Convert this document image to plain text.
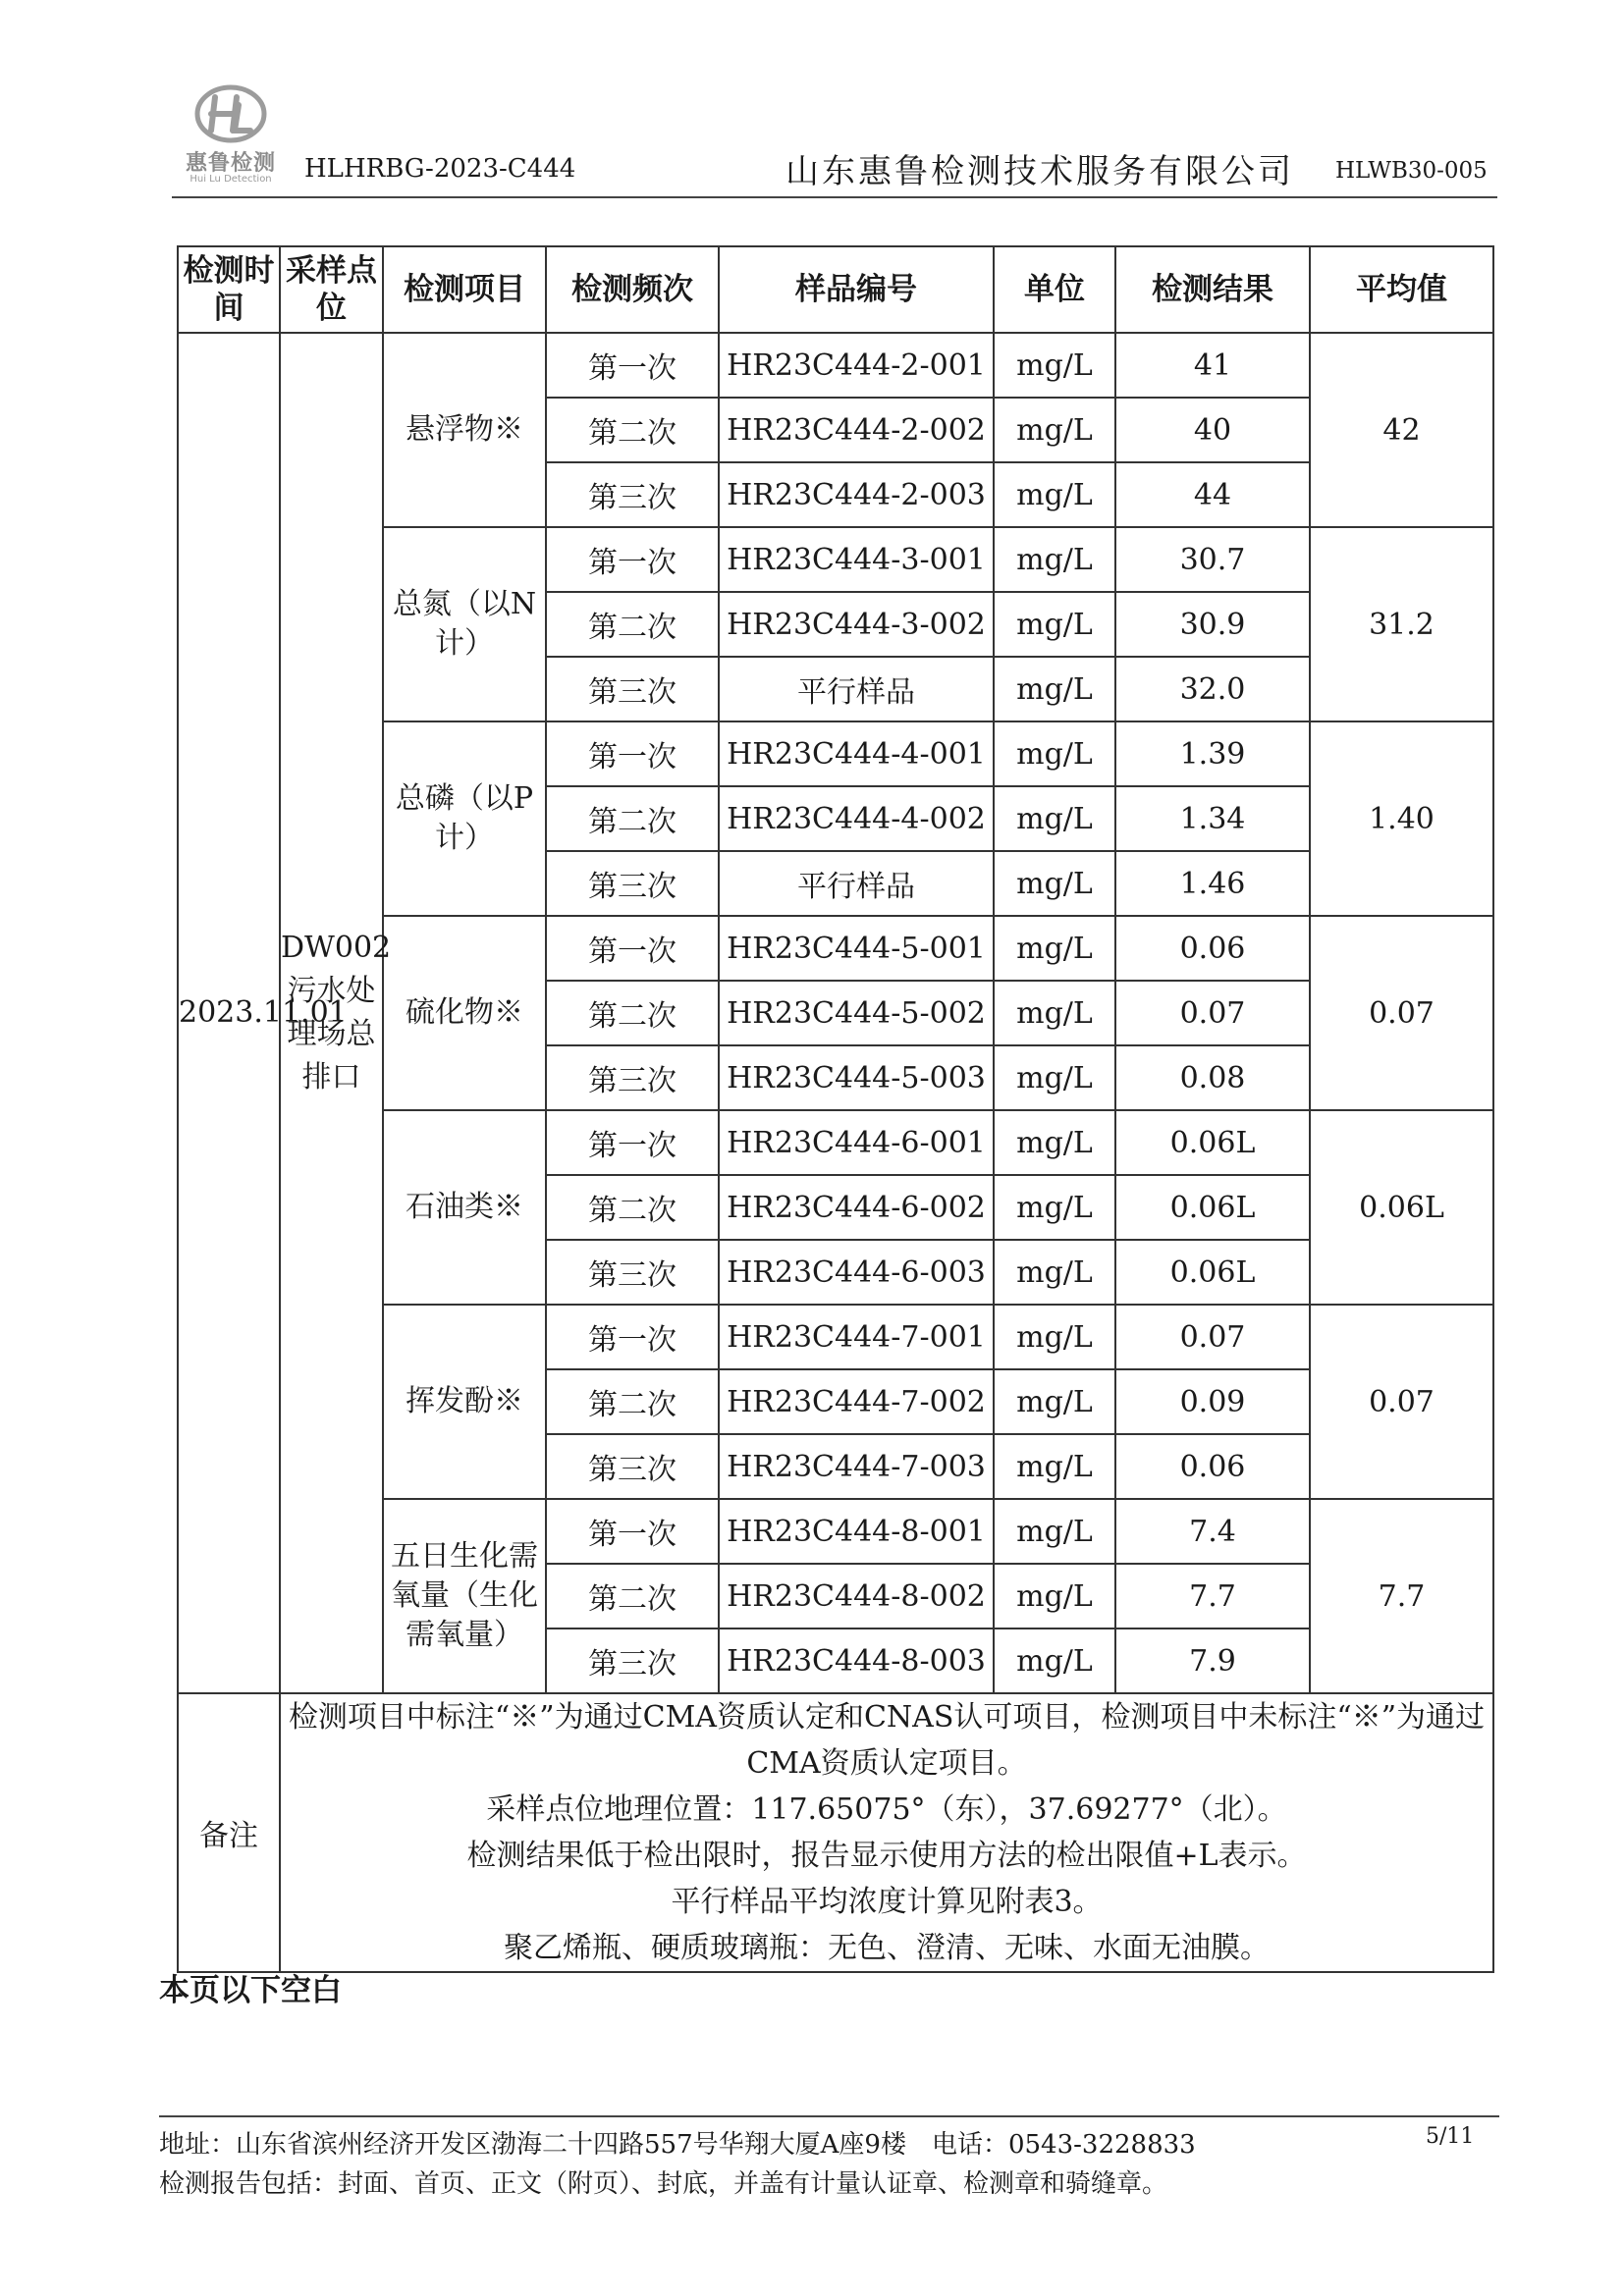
惠鲁检测
Hui Lu Detection	HLHRBG-2023-C444	山东惠鲁检测技术服务有限公司 HLWB30-005
检测时间	采样点位	检测项目	检测频次	样品编号	单位	检测结果	平均值
2023.11.01	DW002污水处理场总排口	悬浮物※	第一次	HR23C444-2-001	mg/L	41	42
			第二次	HR23C444-2-002	mg/L	40	
			第三次	HR23C444-2-003	mg/L	44	
		总氮（以N计）	第一次	HR23C444-3-001	mg/L	30.7	31.2
			第二次	HR23C444-3-002	mg/L	30.9	
			第三次	平行样品	mg/L	32.0	
		总磷（以P计）	第一次	HR23C444-4-001	mg/L	1.39	1.40
			第二次	HR23C444-4-002	mg/L	1.34	
			第三次	平行样品	mg/L	1.46	
		硫化物※	第一次	HR23C444-5-001	mg/L	0.06	0.07
			第二次	HR23C444-5-002	mg/L	0.07	
			第三次	HR23C444-5-003	mg/L	0.08	
		石油类※	第一次	HR23C444-6-001	mg/L	0.06L	0.06L
			第二次	HR23C444-6-002	mg/L	0.06L	
			第三次	HR23C444-6-003	mg/L	0.06L	
		挥发酚※	第一次	HR23C444-7-001	mg/L	0.07	0.07
			第二次	HR23C444-7-002	mg/L	0.09	
			第三次	HR23C444-7-003	mg/L	0.06	
		五日生化需氧量（生化需氧量）	第一次	HR23C444-8-001	mg/L	7.4	7.7
			第二次	HR23C444-8-002	mg/L	7.7	
			第三次	HR23C444-8-003	mg/L	7.9	
备注	检测项目中标注“※”为通过CMA资质认定和CNAS认可项目，检测项目中未标注“※”为通过CMA资质认定项目。
采样点位地理位置：117.65075°（东），37.69277°（北）。
检测结果低于检出限时，报告显示使用方法的检出限值+L表示。
平行样品平均浓度计算见附表3。
聚乙烯瓶、硬质玻璃瓶：无色、澄清、无味、水面无油膜。						
本页以下空白
地址：山东省滨州经济开发区渤海二十四路557号华翔大厦A座9楼　电话：0543-3228833	5/11
检测报告包括：封面、首页、正文（附页）、封底，并盖有计量认证章、检测章和骑缝章。
